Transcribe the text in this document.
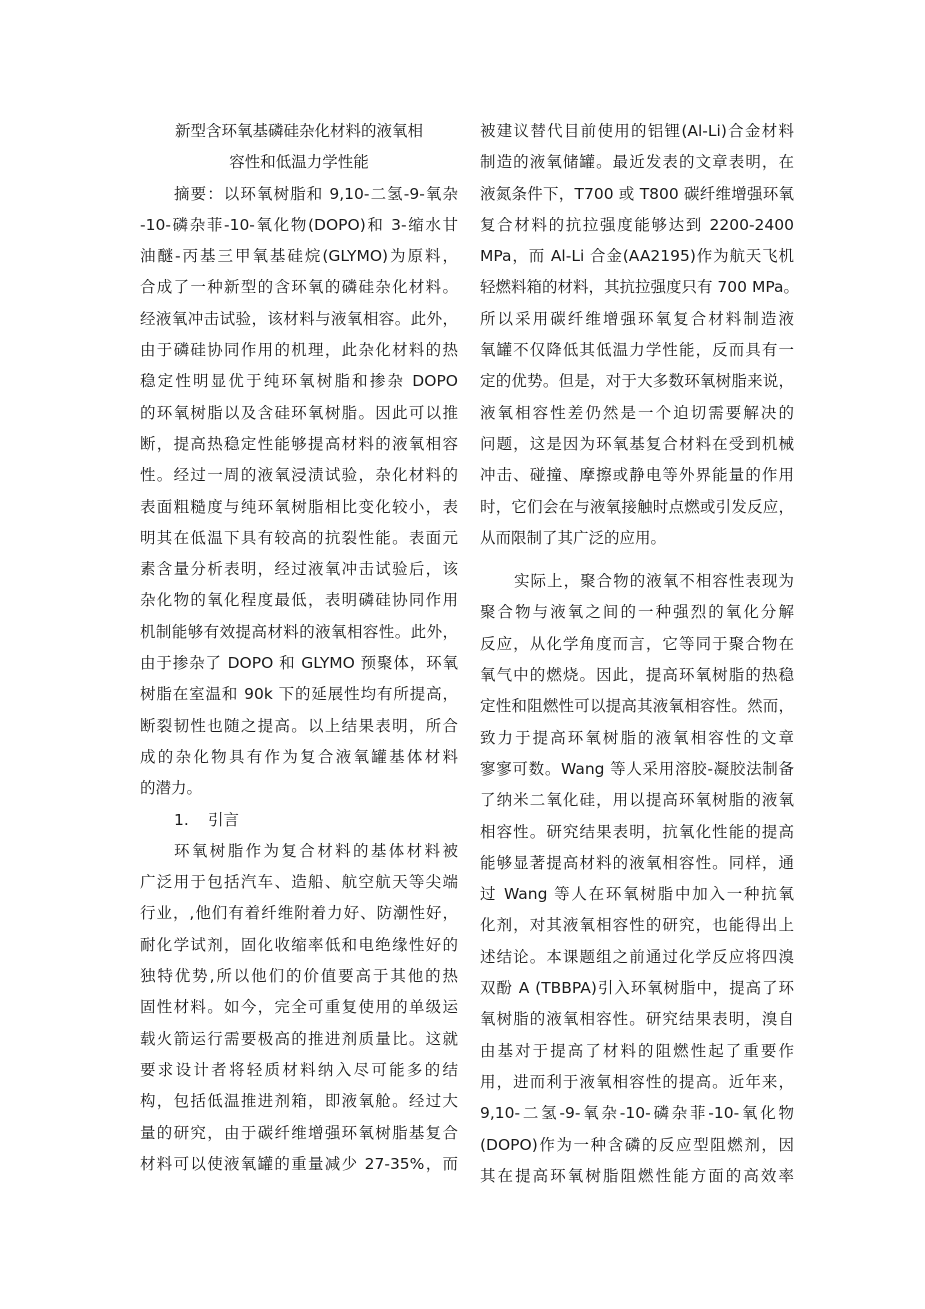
新型含环氧基磷硅杂化材料的液氧相
容性和低温力学性能
摘要：以环氧树脂和 9,10-二氢-9-氧杂
-10-磷杂菲-10-氧化物(DOPO)和 3-缩水甘
油醚-丙基三甲氧基硅烷(GLYMO)为原料，
合成了一种新型的含环氧的磷硅杂化材料。
经液氧冲击试验，该材料与液氧相容。此外，
由于磷硅协同作用的机理，此杂化材料的热
稳定性明显优于纯环氧树脂和掺杂 DOPO
的环氧树脂以及含硅环氧树脂。因此可以推
断，提高热稳定性能够提高材料的液氧相容
性。经过一周的液氧浸渍试验，杂化材料的
表面粗糙度与纯环氧树脂相比变化较小，表
明其在低温下具有较高的抗裂性能。表面元
素含量分析表明，经过液氧冲击试验后，该
杂化物的氧化程度最低，表明磷硅协同作用
机制能够有效提高材料的液氧相容性。此外，
由于掺杂了 DOPO 和 GLYMO 预聚体，环氧
树脂在室温和 90k 下的延展性均有所提高，
断裂韧性也随之提高。以上结果表明，所合
成的杂化物具有作为复合液氧罐基体材料
的潜力。
1. 引言
环氧树脂作为复合材料的基体材料被
广泛用于包括汽车、造船、航空航天等尖端
行业，,他们有着纤维附着力好、防潮性好，
耐化学试剂，固化收缩率低和电绝缘性好的
独特优势,所以他们的价值要高于其他的热
固性材料。如今，完全可重复使用的单级运
载火箭运行需要极高的推进剂质量比。这就
要求设计者将轻质材料纳入尽可能多的结
构，包括低温推进剂箱，即液氧舱。经过大
量的研究，由于碳纤维增强环氧树脂基复合
材料可以使液氧罐的重量减少 27-35%，而
被建议替代目前使用的铝锂(Al-Li)合金材料
制造的液氧储罐。最近发表的文章表明，在
液氮条件下，T700 或 T800 碳纤维增强环氧
复合材料的抗拉强度能够达到 2200-2400
MPa，而 Al-Li 合金(AA2195)作为航天飞机
轻燃料箱的材料，其抗拉强度只有 700 MPa。
所以采用碳纤维增强环氧复合材料制造液
氧罐不仅降低其低温力学性能，反而具有一
定的优势。但是，对于大多数环氧树脂来说，
液氧相容性差仍然是一个迫切需要解决的
问题，这是因为环氧基复合材料在受到机械
冲击、碰撞、摩擦或静电等外界能量的作用
时，它们会在与液氧接触时点燃或引发反应，
从而限制了其广泛的应用。
实际上，聚合物的液氧不相容性表现为
聚合物与液氧之间的一种强烈的氧化分解
反应，从化学角度而言，它等同于聚合物在
氧气中的燃烧。因此，提高环氧树脂的热稳
定性和阻燃性可以提高其液氧相容性。然而，
致力于提高环氧树脂的液氧相容性的文章
寥寥可数。Wang 等人采用溶胶-凝胶法制备
了纳米二氧化硅，用以提高环氧树脂的液氧
相容性。研究结果表明，抗氧化性能的提高
能够显著提高材料的液氧相容性。同样，通
过 Wang 等人在环氧树脂中加入一种抗氧
化剂，对其液氧相容性的研究，也能得出上
述结论。本课题组之前通过化学反应将四溴
双酚 A (TBBPA)引入环氧树脂中，提高了环
氧树脂的液氧相容性。研究结果表明，溴自
由基对于提高了材料的阻燃性起了重要作
用，进而利于液氧相容性的提高。近年来，
9,10-二氢-9-氧杂-10-磷杂菲-10-氧化物
(DOPO)作为一种含磷的反应型阻燃剂，因
其在提高环氧树脂阻燃性能方面的高效率
